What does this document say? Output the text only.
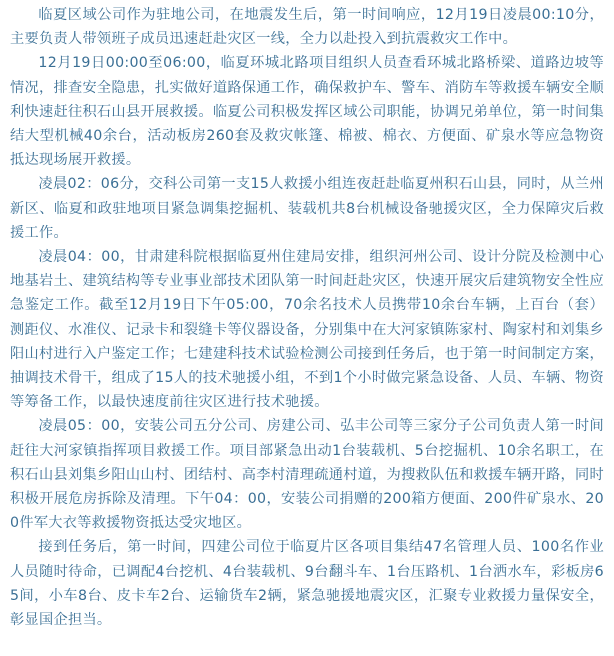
临夏区域公司作为驻地公司，在地震发生后，第一时间响应，12月19日凌晨00:10分，主要负责人带领班子成员迅速赶赴灾区一线，全力以赴投入到抗震救灾工作中。

12月19日00:00至06:00，临夏环城北路项目组织人员查看环城北路桥梁、道路边坡等情况，排查安全隐患，扎实做好道路保通工作，确保救护车、警车、消防车等救援车辆安全顺利快速赶往积石山县开展救援。临夏公司积极发挥区域公司职能，协调兄弟单位，第一时间集结大型机械40余台，活动板房260套及救灾帐篷、棉被、棉衣、方便面、矿泉水等应急物资抵达现场展开救援。

凌晨02：06分，交科公司第一支15人救援小组连夜赶赴临夏州积石山县，同时，从兰州新区、临夏和政驻地项目紧急调集挖掘机、装载机共8台机械设备驰援灾区，全力保障灾后救援工作。

凌晨04：00，甘肃建科院根据临夏州住建局安排，组织河州公司、设计分院及检测中心地基岩土、建筑结构等专业事业部技术团队第一时间赶赴灾区，快速开展灾后建筑物安全性应急鉴定工作。截至12月19日下午05:00，70余名技术人员携带10余台车辆，上百台（套）测距仪、水准仪、记录卡和裂缝卡等仪器设备，分别集中在大河家镇陈家村、陶家村和刘集乡阳山村进行入户鉴定工作；七建建科技术试验检测公司接到任务后，也于第一时间制定方案，抽调技术骨干，组成了15人的技术驰援小组，不到1个小时做完紧急设备、人员、车辆、物资等筹备工作，以最快速度前往灾区进行技术驰援。

凌晨05：00，安装公司五分公司、房建公司、弘丰公司等三家分子公司负责人第一时间赶往大河家镇指挥项目救援工作。项目部紧急出动1台装载机、5台挖掘机、10余名职工，在积石山县刘集乡阳山山村、团结村、高李村清理疏通村道，为搜救队伍和救援车辆开路，同时积极开展危房拆除及清理。下午04：00，安装公司捐赠的200箱方便面、200件矿泉水、200件军大衣等救援物资抵达受灾地区。

接到任务后，第一时间，四建公司位于临夏片区各项目集结47名管理人员、100名作业人员随时待命，已调配4台挖机、4台装载机、9台翻斗车、1台压路机、1台洒水车，彩板房65间，小车8台、皮卡车2台、运输货车2辆，紧急驰援地震灾区，汇聚专业救援力量保安全，彰显国企担当。
